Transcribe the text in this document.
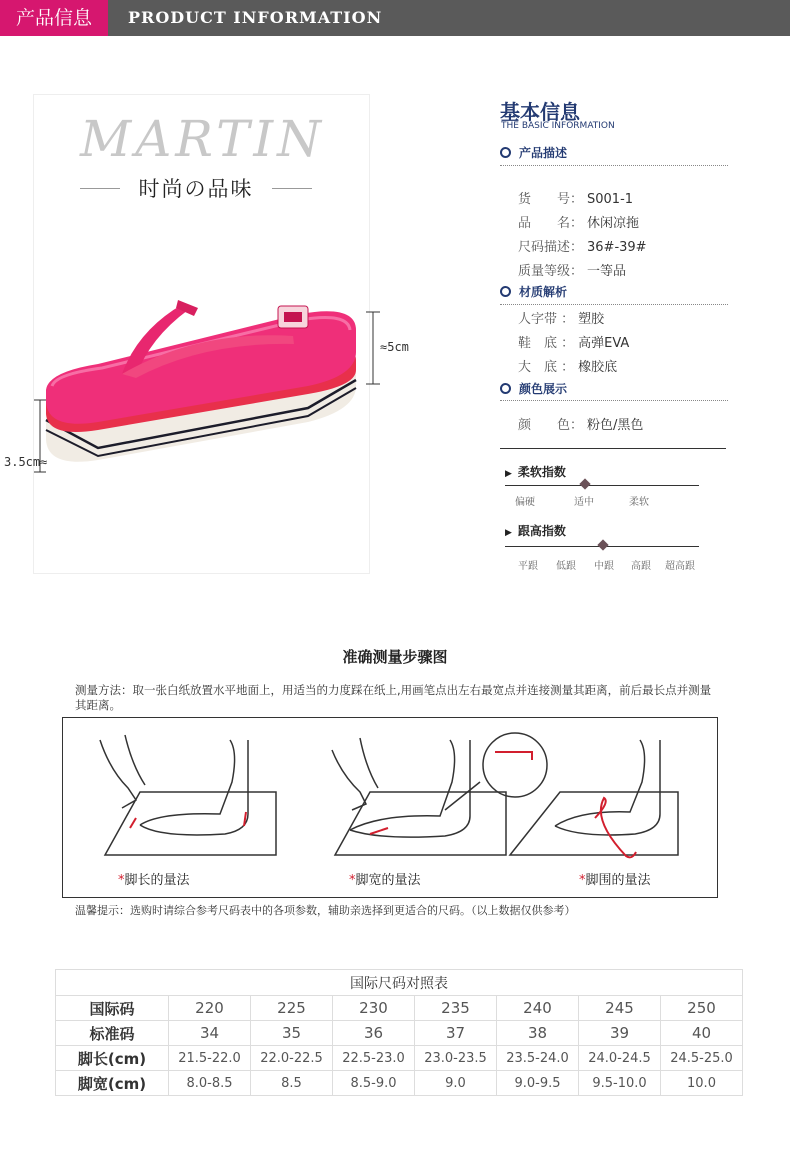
产品信息	PRODUCT INFORMATION
MARTIN
时尚の品味
≈5cm
3.5cm≈
基本信息
THE BASIC INFORMATION
产品描述
货　　号： S001-1
品　　名： 休闲凉拖
尺码描述： 36#-39#
质量等级： 一等品
材质解析
人字带 ： 塑胶
鞋　底 ： 高弹EVA
大　底 ： 橡胶底
颜色展示
颜　　色： 粉色/黑色
▶ 柔软指数
偏硬	适中	柔软
▶ 跟高指数
平跟 低跟 中跟 高跟 超高跟
准确测量步骤图
测量方法：取一张白纸放置水平地面上，用适当的力度踩在纸上,用画笔点出左右最宽点并连接测量其距离，前后最长点并测量其距离。
*脚长的量法	*脚宽的量法	*脚围的量法
温馨提示：选购时请综合参考尺码表中的各项参数，辅助亲选择到更适合的尺码。（以上数据仅供参考）
国际尺码对照表							
国际码	220	225	230	235	240	245	250
标准码	34	35	36	37	38	39	40
脚长(cm)	21.5-22.0	22.0-22.5	22.5-23.0	23.0-23.5	23.5-24.0	24.0-24.5	24.5-25.0
脚宽(cm)	8.0-8.5	8.5	8.5-9.0	9.0	9.0-9.5	9.5-10.0	10.0
